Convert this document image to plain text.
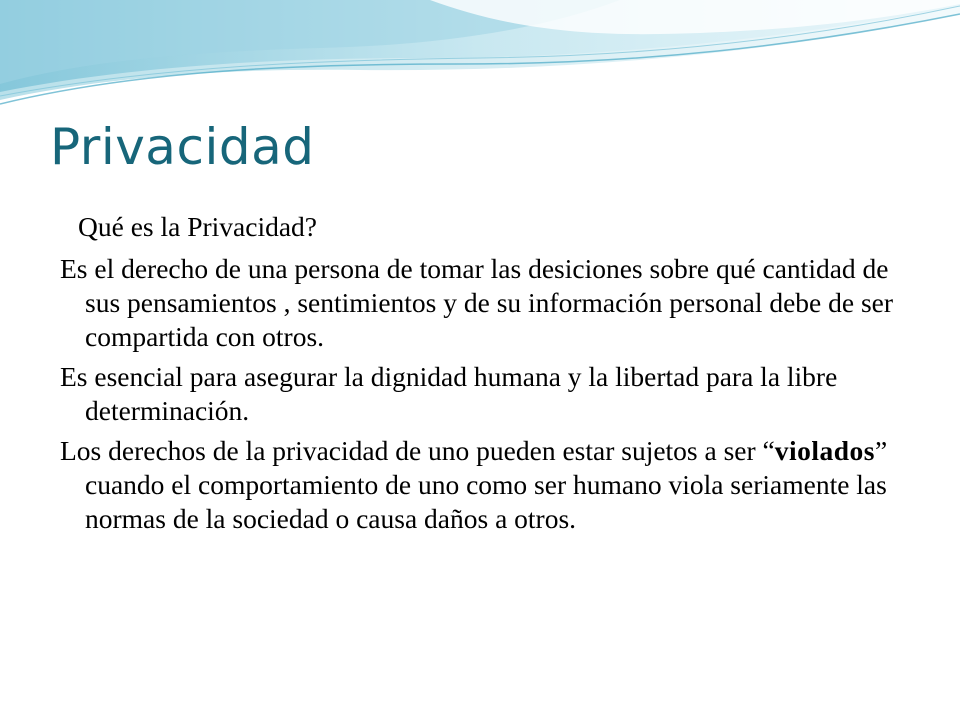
Privacidad

Qué es la Privacidad?

Es el derecho de una persona de tomar las desiciones sobre qué cantidad de sus pensamientos , sentimientos y de su información personal debe de ser compartida con otros.

Es esencial para asegurar la dignidad humana y la libertad para la libre determinación.

Los derechos de la privacidad de uno pueden estar sujetos a ser “violados” cuando el comportamiento de uno como ser humano viola seriamente las normas de la sociedad o causa daños a otros.
